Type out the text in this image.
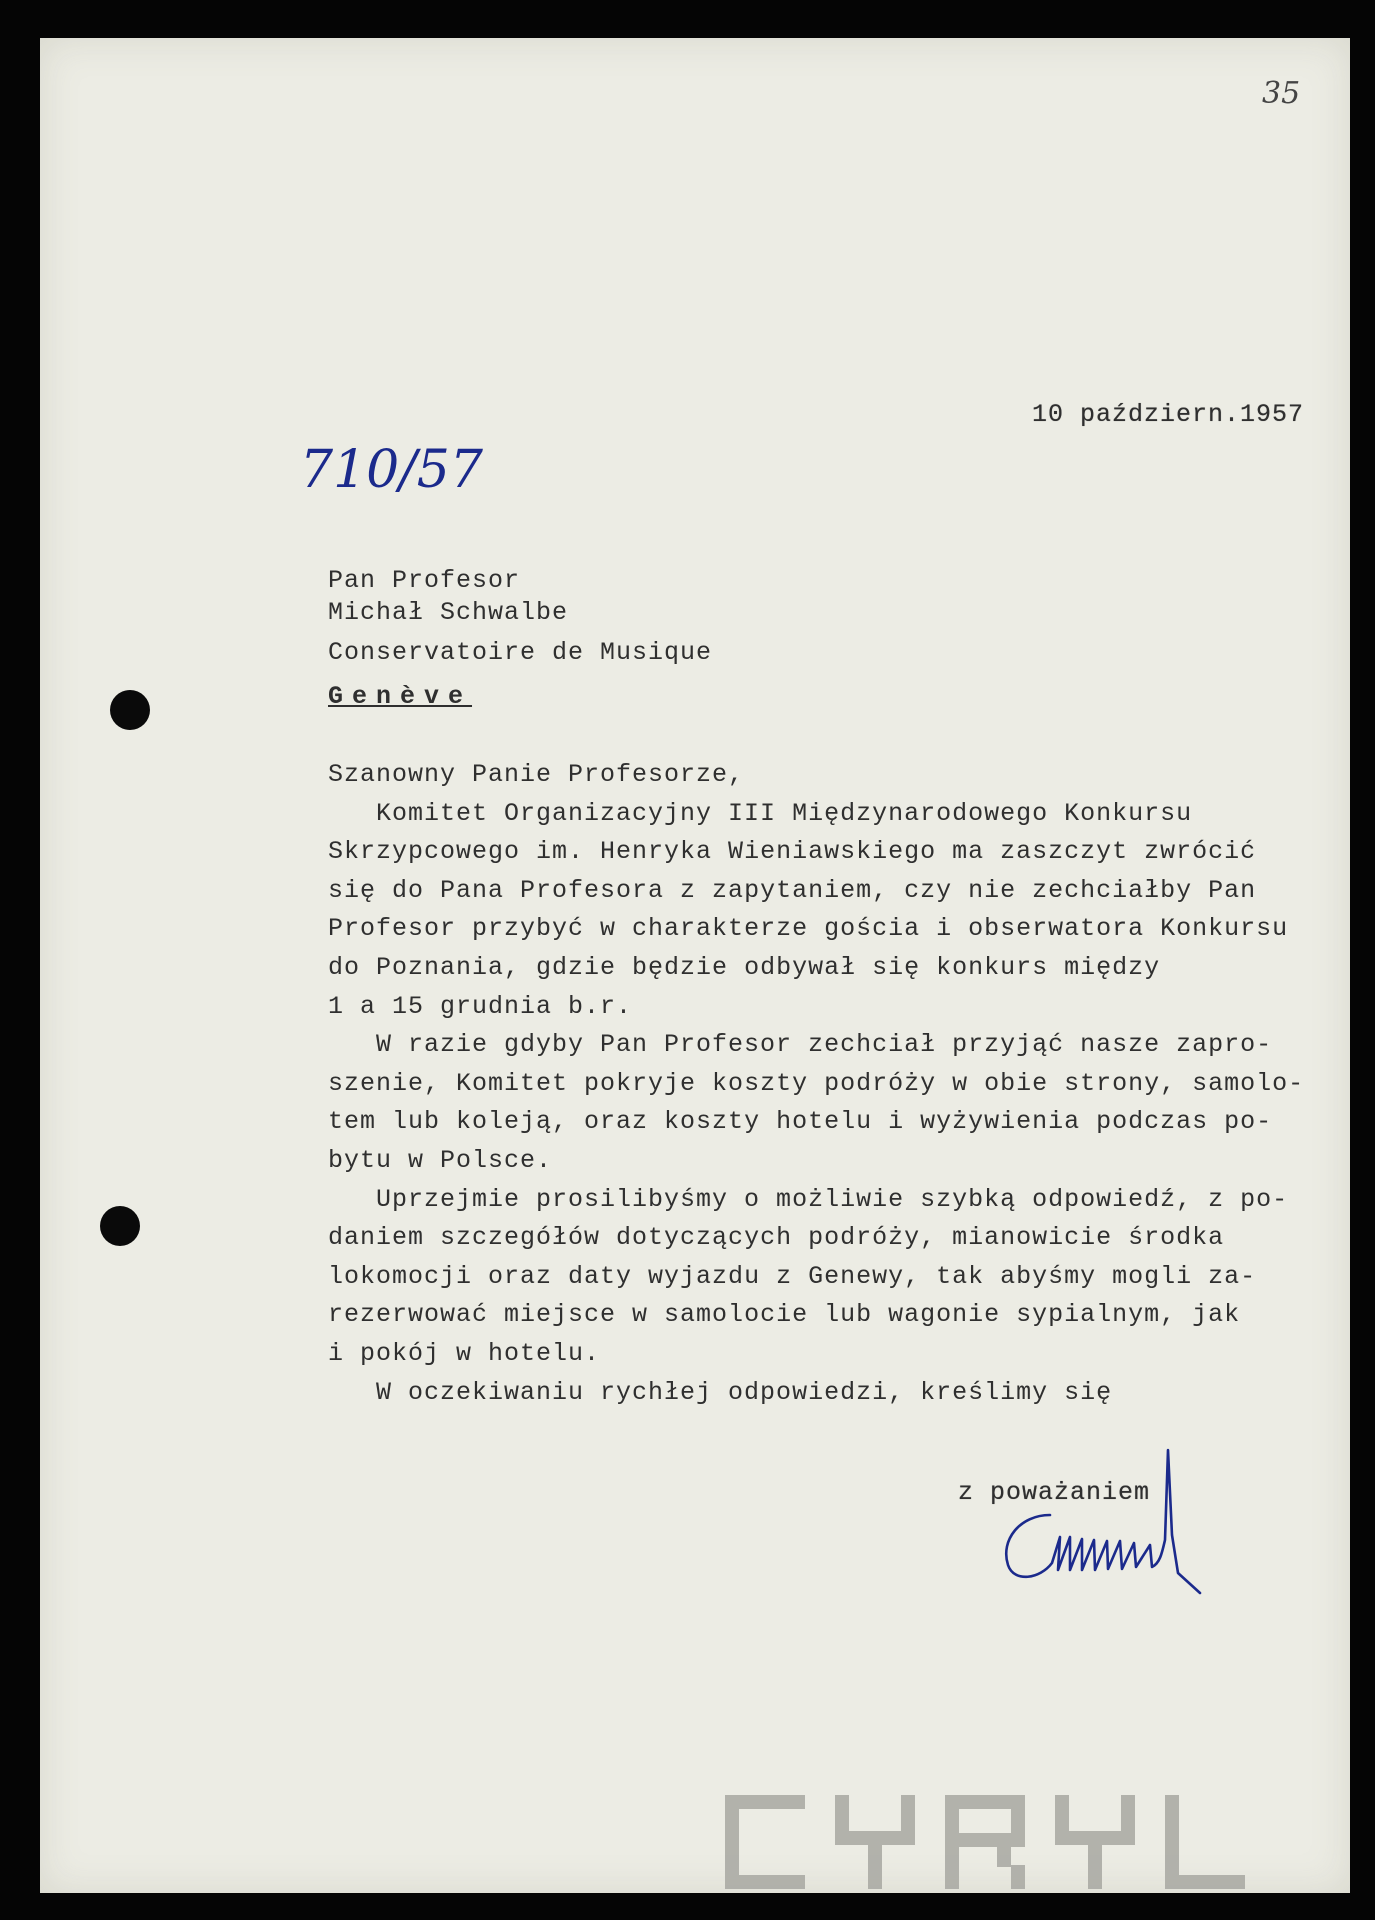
35
710/57
10 październ.1957
Pan Profesor
Michał Schwalbe
Conservatoire de Musique
Genève
Szanowny Panie Profesorze,
Komitet Organizacyjny III Międzynarodowego Konkursu
Skrzypcowego im. Henryka Wieniawskiego ma zaszczyt zwrócić
się do Pana Profesora z zapytaniem, czy nie zechciałby Pan
Profesor przybyć w charakterze gościa i obserwatora Konkursu
do Poznania, gdzie będzie odbywał się konkurs między
1 a 15 grudnia b.r.
W razie gdyby Pan Profesor zechciał przyjąć nasze zapro-
szenie, Komitet pokryje koszty podróży w obie strony, samolo-
tem lub koleją, oraz koszty hotelu i wyżywienia podczas po-
bytu w Polsce.
Uprzejmie prosilibyśmy o możliwie szybką odpowiedź, z po-
daniem szczegółów dotyczących podróży, mianowicie środka
lokomocji oraz daty wyjazdu z Genewy, tak abyśmy mogli za-
rezerwować miejsce w samolocie lub wagonie sypialnym, jak
i pokój w hotelu.
W oczekiwaniu rychłej odpowiedzi, kreślimy się
z poważaniem
